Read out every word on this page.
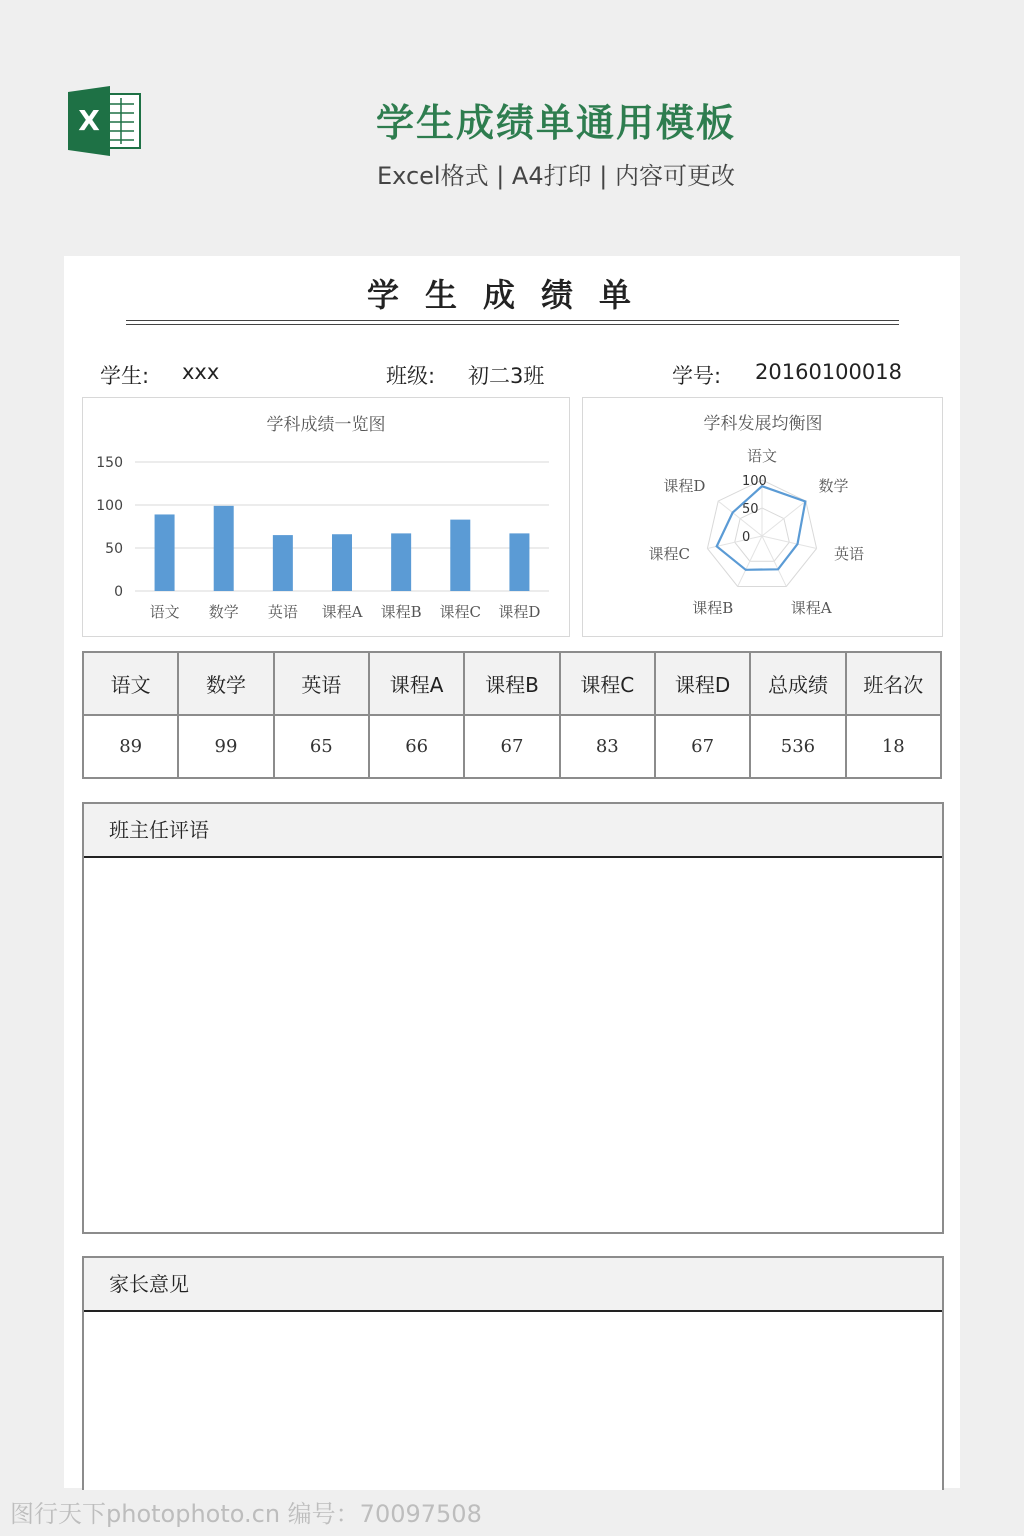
X	学生成绩单通用模板
Excel格式 | A4打印 | 内容可更改
学生成绩单
学生: xxx	班级: 初二3班	学号: 20160100018
学科成绩一览图
0
50
100
150
语文 数学 英语 课程A 课程B 课程C 课程D
学科发展均衡图
0
50
100
语文
数学
英语
课程A
课程B
课程C
课程D
语文	数学	英语	课程A	课程B	课程C	课程D	总成绩	班名次
89	99	65	66	67	83	67	536	18
班主任评语
家长意见
图行天下photophoto.cn 编号：70097508
